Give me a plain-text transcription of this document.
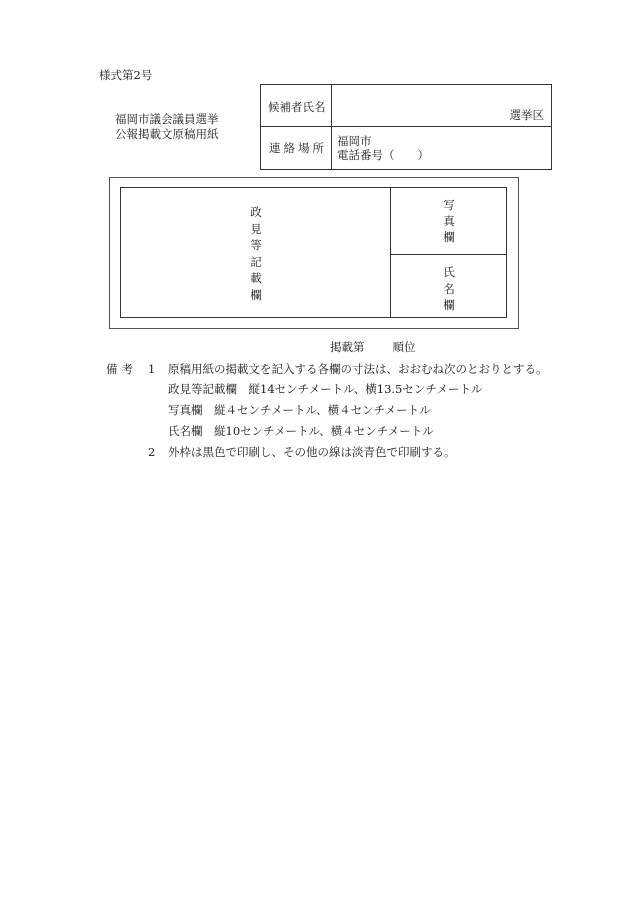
様式第2号
福岡市議会議員選挙
公報掲載文原稿用紙
候補者氏名
選挙区
連絡場所 福岡市
電話番号（　　）
政
見
等
記
載
欄
写
真
欄
氏
名
欄
掲載第 順位
備考 1 原稿用紙の掲載文を記入する各欄の寸法は、おおむね次のとおりとする。
政見等記載欄　縦14センチメートル、横13.5センチメートル
写真欄　縦４センチメートル、横４センチメートル
氏名欄　縦10センチメートル、横４センチメートル
2 外枠は黒色で印刷し、その他の線は淡青色で印刷する。
